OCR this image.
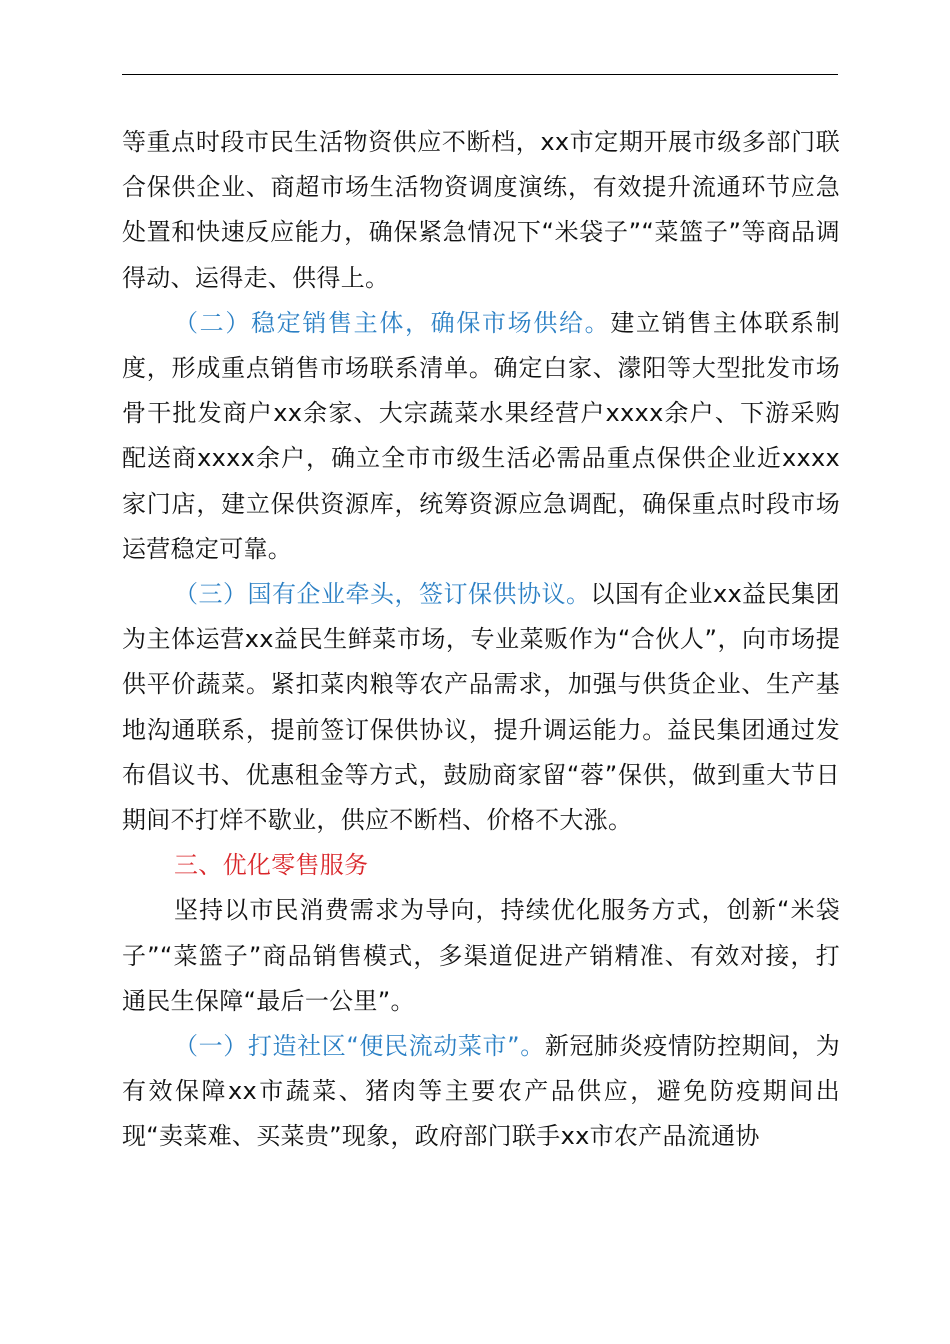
等重点时段市民生活物资供应不断档，xx市定期开展市级多部门联合保供企业、商超市场生活物资调度演练，有效提升流通环节应急处置和快速反应能力，确保紧急情况下“米袋子”“菜篮子”等商品调得动、运得走、供得上。

（二）稳定销售主体，确保市场供给。建立销售主体联系制度，形成重点销售市场联系清单。确定白家、濛阳等大型批发市场骨干批发商户xx余家、大宗蔬菜水果经营户xxxx余户、下游采购配送商xxxx余户，确立全市市级生活必需品重点保供企业近xxxx家门店，建立保供资源库，统筹资源应急调配，确保重点时段市场运营稳定可靠。

（三）国有企业牵头，签订保供协议。以国有企业xx益民集团为主体运营xx益民生鲜菜市场，专业菜贩作为“合伙人”，向市场提供平价蔬菜。紧扣菜肉粮等农产品需求，加强与供货企业、生产基地沟通联系，提前签订保供协议，提升调运能力。益民集团通过发布倡议书、优惠租金等方式，鼓励商家留“蓉”保供，做到重大节日期间不打烊不歇业，供应不断档、价格不大涨。

三、优化零售服务

坚持以市民消费需求为导向，持续优化服务方式，创新“米袋子”“菜篮子”商品销售模式，多渠道促进产销精准、有效对接，打通民生保障“最后一公里”。

（一）打造社区“便民流动菜市”。新冠肺炎疫情防控期间，为有效保障xx市蔬菜、猪肉等主要农产品供应，避免防疫期间出现“卖菜难、买菜贵”现象，政府部门联手xx市农产品流通协
